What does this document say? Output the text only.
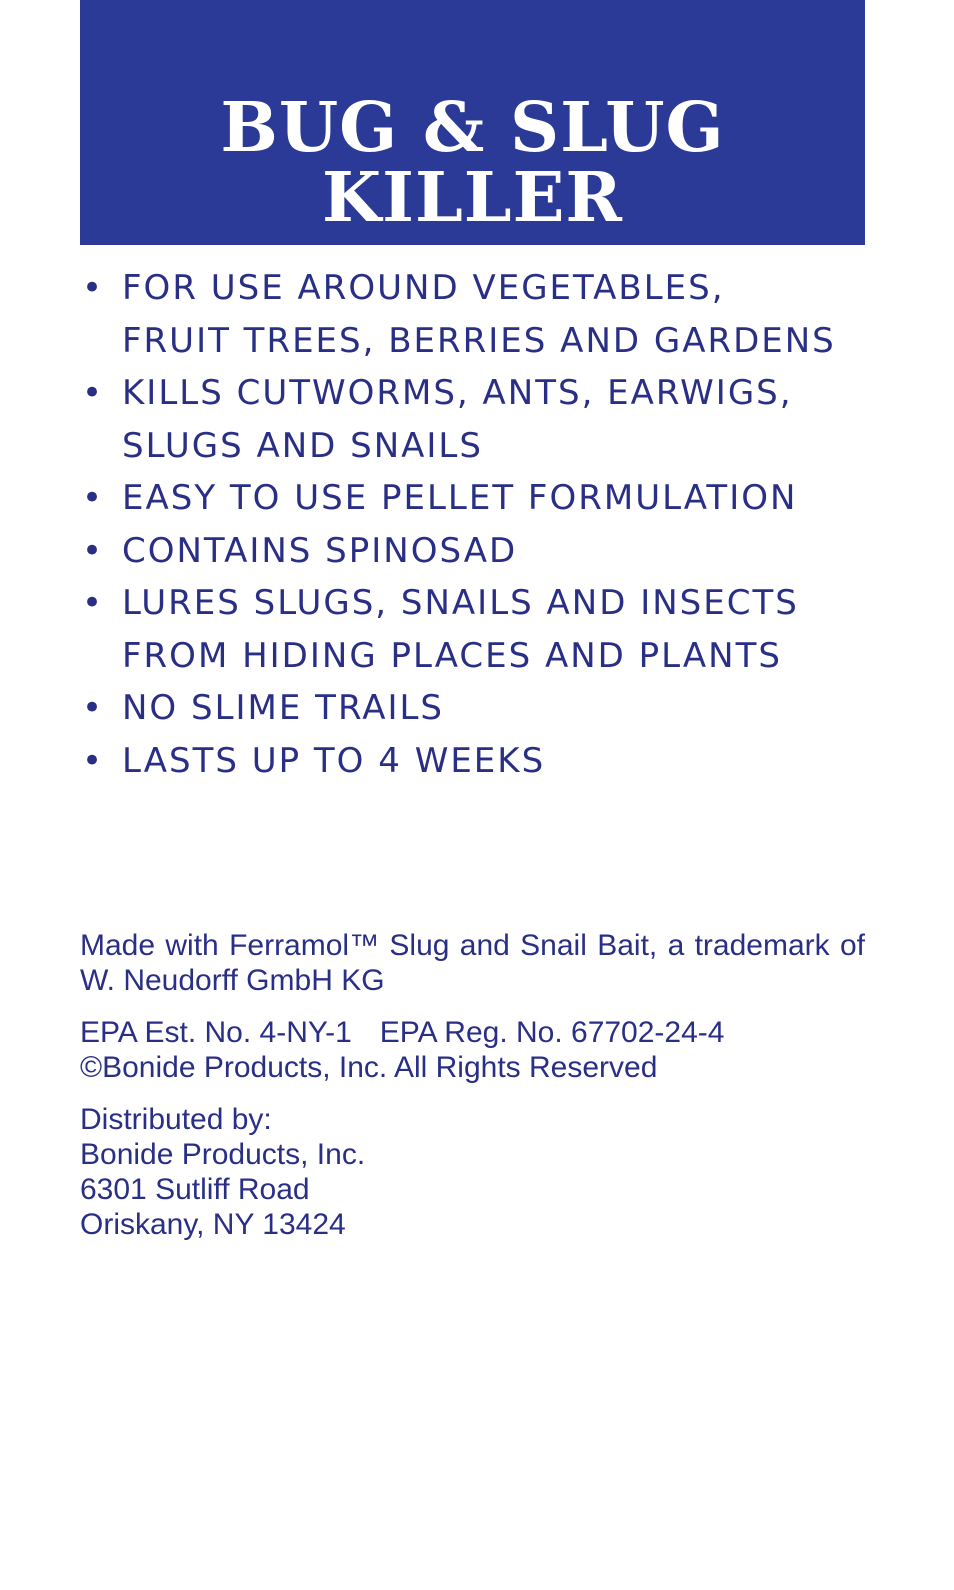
BUG & SLUG
KILLER
• FOR USE AROUND VEGETABLES,
FRUIT TREES, BERRIES AND GARDENS
• KILLS CUTWORMS, ANTS, EARWIGS,
SLUGS AND SNAILS
• EASY TO USE PELLET FORMULATION
• CONTAINS SPINOSAD
• LURES SLUGS, SNAILS AND INSECTS
FROM HIDING PLACES AND PLANTS
• NO SLIME TRAILS
• LASTS UP TO 4 WEEKS
Made with Ferramol™ Slug and Snail Bait, a trademark of
W. Neudorff GmbH KG
EPA Est. No. 4-NY-1 EPA Reg. No. 67702-24-4
©Bonide Products, Inc. All Rights Reserved
Distributed by:
Bonide Products, Inc.
6301 Sutliff Road
Oriskany, NY 13424
